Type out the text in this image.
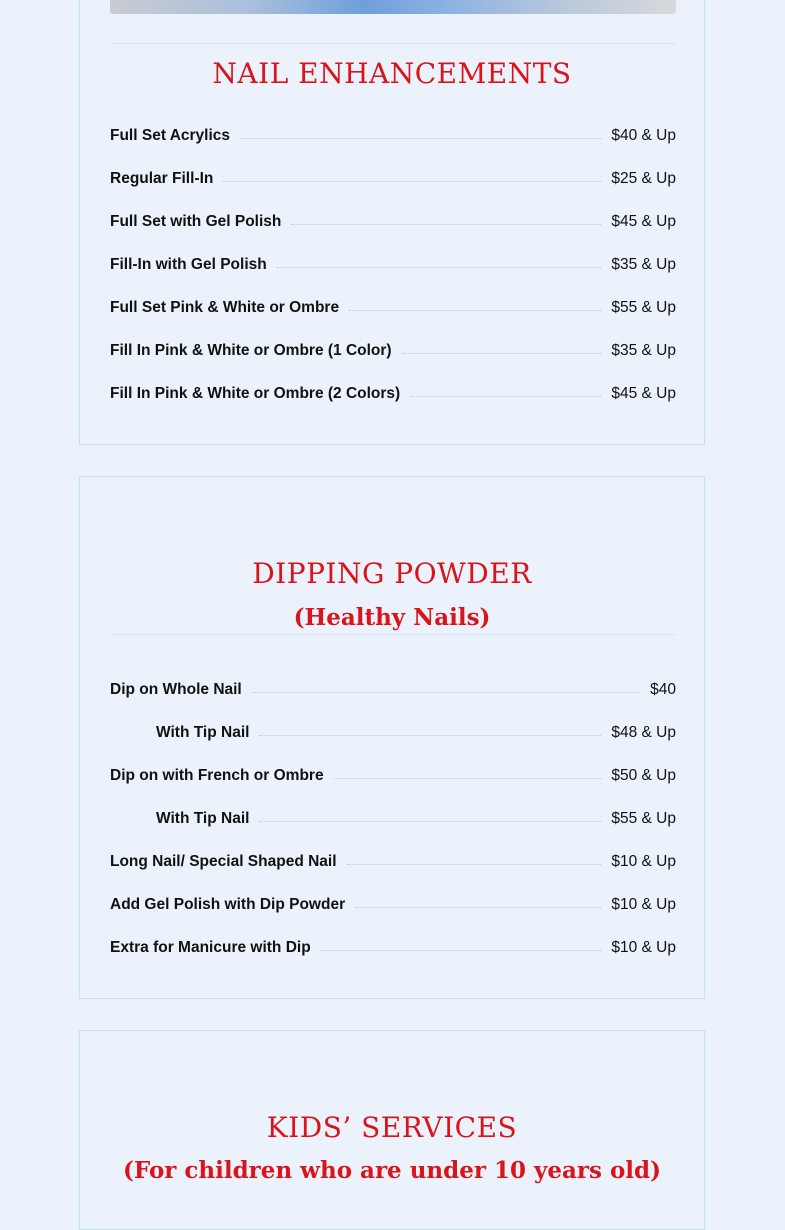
NAIL ENHANCEMENTS
Full Set Acrylics	$40 & Up
Regular Fill-In	$25 & Up
Full Set with Gel Polish	$45 & Up
Fill-In with Gel Polish	$35 & Up
Full Set Pink & White or Ombre	$55 & Up
Fill In Pink & White or Ombre (1 Color)	$35 & Up
Fill In Pink & White or Ombre (2 Colors)	$45 & Up
DIPPING POWDER
(Healthy Nails)
Dip on Whole Nail	$40
With Tip Nail	$48 & Up
Dip on with French or Ombre	$50 & Up
With Tip Nail	$55 & Up
Long Nail/ Special Shaped Nail	$10 & Up
Add Gel Polish with Dip Powder	$10 & Up
Extra for Manicure with Dip	$10 & Up
KIDS’ SERVICES
(For children who are under 10 years old)
